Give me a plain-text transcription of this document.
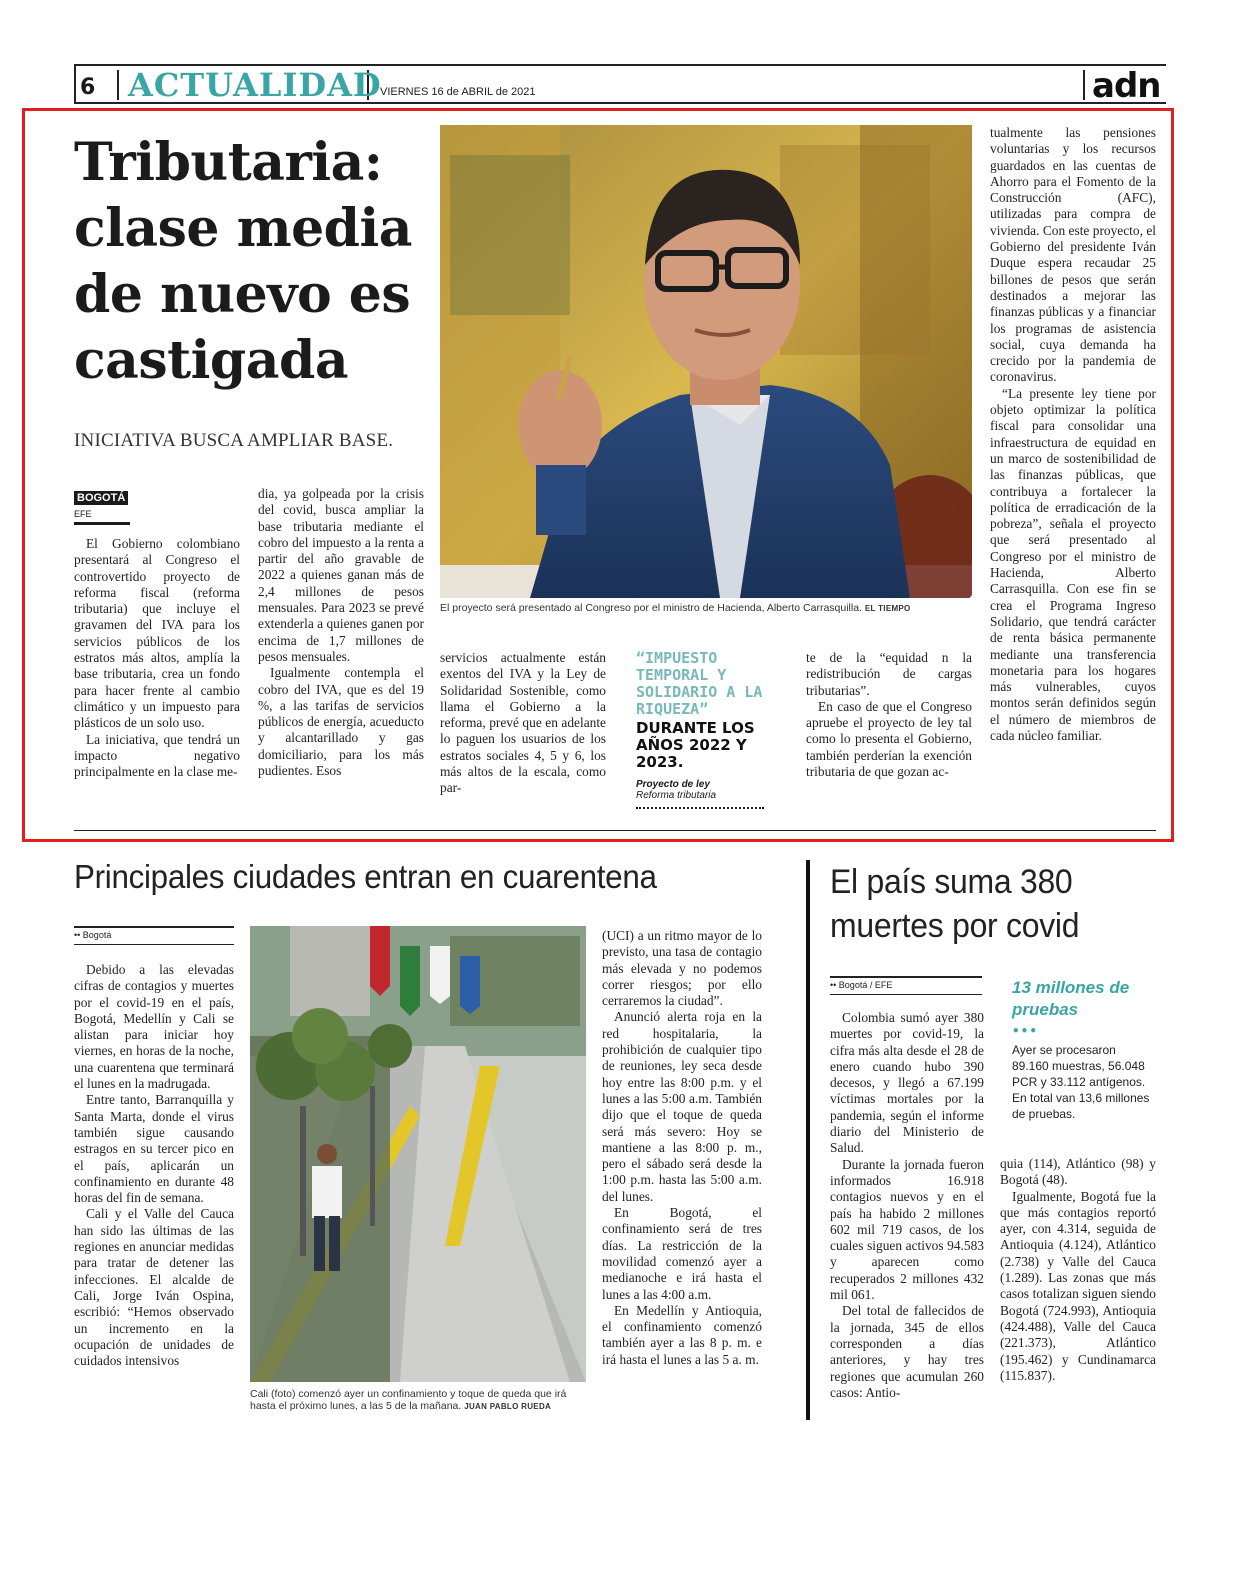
6 ACTUALIDAD
VIERNES 16 de ABRIL de 2021	adn
Tributaria: clase media de nuevo es castigada
INICIATIVA BUSCA AMPLIAR BASE.
BOGOTÁ
EFE

El Gobierno colombiano presentará al Congreso el controvertido proyecto de reforma fiscal (reforma tributaria) que incluye el gravamen del IVA para los servicios públicos de los estratos más altos, amplía la base tributaria, crea un fondo para hacer frente al cambio climático y un impuesto para plásticos de un solo uso.

La iniciativa, que tendrá un impacto negativo principalmente en la clase me-

dia, ya golpeada por la crisis del covid, busca ampliar la base tributaria mediante el cobro del impuesto a la renta a partir del año gravable de 2022 a quienes ganan más de 2,4 millones de pesos mensuales. Para 2023 se prevé extenderla a quienes ganen por encima de 1,7 millones de pesos mensuales.

Igualmente contempla el cobro del IVA, que es del 19 %, a las tarifas de servicios públicos de energía, acueducto y alcantarillado y gas domiciliario, para los más pudientes. Esos

El proyecto será presentado al Congreso por el ministro de Hacienda, Alberto Carrasquilla. EL TIEMPO

servicios actualmente están exentos del IVA y la Ley de Solidaridad Sostenible, como llama el Gobierno a la reforma, prevé que en adelante lo paguen los usuarios de los estratos sociales 4, 5 y 6, los más altos de la escala, como par-

“IMPUESTO TEMPORAL Y SOLIDARIO A LA RIQUEZA”
DURANTE LOS AÑOS 2022 Y 2023.
Proyecto de ley
Reforma tributaria

te de la “equidad n la redistribución de cargas tributarias”.

En caso de que el Congreso apruebe el proyecto de ley tal como lo presenta el Gobierno, también perderían la exención tributaria de que gozan ac-

tualmente las pensiones voluntarias y los recursos guardados en las cuentas de Ahorro para el Fomento de la Construcción (AFC), utilizadas para compra de vivienda. Con este proyecto, el Gobierno del presidente Iván Duque espera recaudar 25 billones de pesos que serán destinados a mejorar las finanzas públicas y a financiar los programas de asistencia social, cuya demanda ha crecido por la pandemia de coronavirus.

“La presente ley tiene por objeto optimizar la política fiscal para consolidar una infraestructura de equidad en un marco de sostenibilidad de las finanzas públicas, que contribuya a fortalecer la política de erradicación de la pobreza”, señala el proyecto que será presentado al Congreso por el ministro de Hacienda, Alberto Carrasquilla. Con ese fin se crea el Programa Ingreso Solidario, que tendrá carácter de renta básica permanente mediante una transferencia monetaria para los hogares más vulnerables, cuyos montos serán definidos según el número de miembros de cada núcleo familiar.

Principales ciudades entran en cuarentena
•• Bogotá

Debido a las elevadas cifras de contagios y muertes por el covid-19 en el país, Bogotá, Medellín y Cali se alistan para iniciar hoy viernes, en horas de la noche, una cuarentena que terminará el lunes en la madrugada.

Entre tanto, Barranquilla y Santa Marta, donde el virus también sigue causando estragos en su tercer pico en el país, aplicarán un confinamiento en durante 48 horas del fin de semana.

Cali y el Valle del Cauca han sido las últimas de las regiones en anunciar medidas para tratar de detener las infecciones. El alcalde de Cali, Jorge Iván Ospina, escribió: “Hemos observado un incremento en la ocupación de unidades de cuidados intensivos

Cali (foto) comenzó ayer un confinamiento y toque de queda que irá hasta el próximo lunes, a las 5 de la mañana. JUAN PABLO RUEDA

(UCI) a un ritmo mayor de lo previsto, una tasa de contagio más elevada y no podemos correr riesgos; por ello cerraremos la ciudad”.

Anunció alerta roja en la red hospitalaria, la prohibición de cualquier tipo de reuniones, ley seca desde hoy entre las 8:00 p.m. y el lunes a las 5:00 a.m. También dijo que el toque de queda será más severo: Hoy se mantiene a las 8:00 p. m., pero el sábado será desde la 1:00 p.m. hasta las 5:00 a.m. del lunes.

En Bogotá, el confinamiento será de tres días. La restricción de la movilidad comenzó ayer a medianoche e irá hasta el lunes a las 4:00 a.m.

En Medellín y Antioquia, el confinamiento comenzó también ayer a las 8 p. m. e irá hasta el lunes a las 5 a. m.

El país suma 380 muertes por covid
•• Bogotá / EFE

Colombia sumó ayer 380 muertes por covid-19, la cifra más alta desde el 28 de enero cuando hubo 390 decesos, y llegó a 67.199 víctimas mortales por la pandemia, según el informe diario del Ministerio de Salud.

Durante la jornada fueron informados 16.918 contagios nuevos y en el país ha habido 2 millones 602 mil 719 casos, de los cuales siguen activos 94.583 y aparecen como recuperados 2 millones 432 mil 061.

Del total de fallecidos de la jornada, 345 de ellos corresponden a días anteriores, y hay tres regiones que acumulan 260 casos: Antio-

13 millones de pruebas
•••
Ayer se procesaron 89.160 muestras, 56.048 PCR y 33.112 antígenos. En total van 13,6 millones de pruebas.

quia (114), Atlántico (98) y Bogotá (48).

Igualmente, Bogotá fue la que más contagios reportó ayer, con 4.314, seguida de Antioquia (4.124), Atlántico (2.738) y Valle del Cauca (1.289). Las zonas que más casos totalizan siguen siendo Bogotá (724.993), Antioquia (424.488), Valle del Cauca (221.373), Atlántico (195.462) y Cundinamarca (115.837).
